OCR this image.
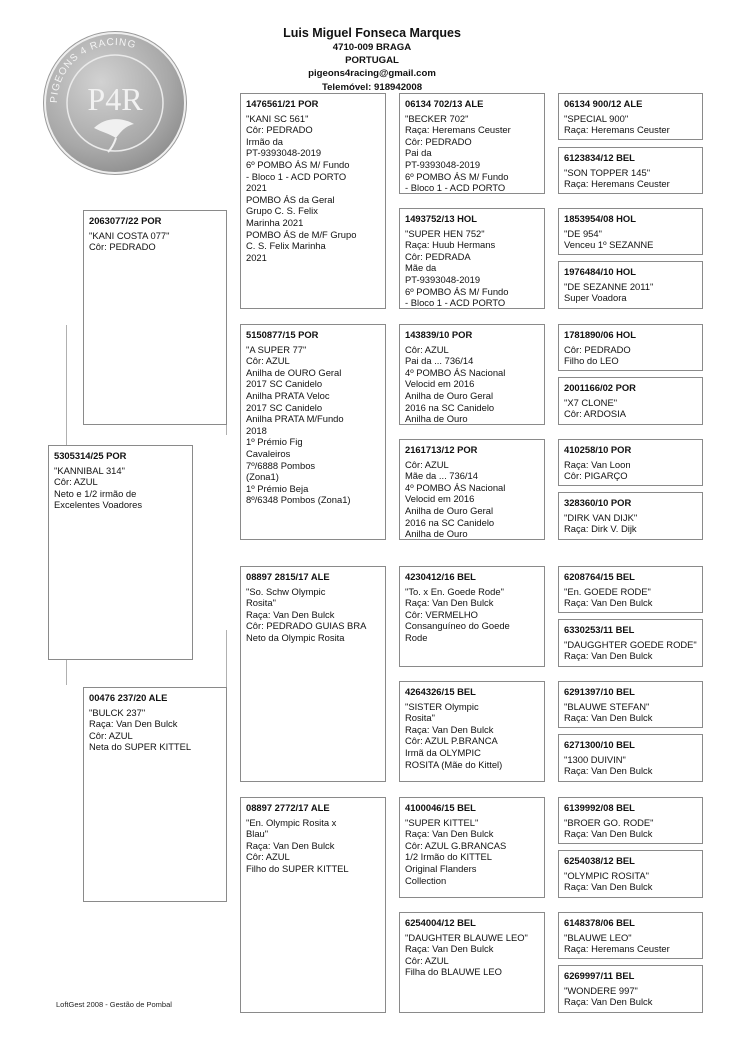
PIGEONS 4 RACING
P4R
Luis Miguel Fonseca Marques
4710-009 BRAGA
PORTUGAL
pigeons4racing@gmail.com
Telemóvel: 918942008
5305314/25 POR
"KANNIBAL 314"
Côr: AZUL
Neto e 1/2 irmão de
Excelentes Voadores
2063077/22 POR
"KANI COSTA 077"
Côr: PEDRADO
00476 237/20 ALE
"BULCK 237"
Raça: Van Den Bulck
Côr: AZUL
Neta do SUPER KITTEL
1476561/21 POR
"KANI SC 561"
Côr: PEDRADO
Irmão da
PT-9393048-2019
6º POMBO ÁS M/ Fundo
- Bloco 1 - ACD PORTO
2021
POMBO ÁS da Geral
Grupo C. S. Felix
Marinha 2021
POMBO ÁS de M/F Grupo
C. S. Felix Marinha
2021
5150877/15 POR
"A SUPER 77"
Côr: AZUL
Anilha de OURO Geral
2017 SC Canidelo
Anilha PRATA Veloc
2017 SC Canidelo
Anilha PRATA M/Fundo
2018
1º Prémio Fig
Cavaleiros
7º/6888 Pombos
(Zona1)
1º Prémio Beja
8º/6348 Pombos (Zona1)
08897 2815/17 ALE
"So. Schw Olympic
Rosita"
Raça: Van Den Bulck
Côr: PEDRADO GUIAS BRA
Neto da Olympic Rosita
08897 2772/17 ALE
"En. Olympic Rosita x
Blau"
Raça: Van Den Bulck
Côr: AZUL
Filho do SUPER KITTEL
06134 702/13 ALE
"BECKER 702"
Raça: Heremans Ceuster
Côr: PEDRADO
Pai da
PT-9393048-2019
6º POMBO ÁS M/ Fundo
- Bloco 1 - ACD PORTO
1493752/13 HOL
"SUPER HEN 752"
Raça: Huub Hermans
Côr: PEDRADA
Mãe da
PT-9393048-2019
6º POMBO ÁS M/ Fundo
- Bloco 1 - ACD PORTO
143839/10 POR
Côr: AZUL
Pai da ... 736/14
4º POMBO ÁS Nacional
Velocid em 2016
Anilha de Ouro Geral
2016 na SC Canidelo
Anilha de Ouro
2161713/12 POR
Côr: AZUL
Mãe da ... 736/14
4º POMBO ÁS Nacional
Velocid em 2016
Anilha de Ouro Geral
2016 na SC Canidelo
Anilha de Ouro
4230412/16 BEL
"To. x En. Goede Rode"
Raça: Van Den Bulck
Côr: VERMELHO
Consanguíneo do Goede
Rode
4264326/15 BEL
"SISTER Olympic
Rosita"
Raça: Van Den Bulck
Côr: AZUL P.BRANCA
Irmã da OLYMPIC
ROSITA (Mãe do Kittel)
4100046/15 BEL
"SUPER KITTEL"
Raça: Van Den Bulck
Côr: AZUL G.BRANCAS
1/2 Irmão do KITTEL
Original Flanders
Collection
6254004/12 BEL
"DAUGHTER BLAUWE LEO"
Raça: Van Den Bulck
Côr: AZUL
Filha do BLAUWE LEO
06134 900/12 ALE
"SPECIAL 900"
Raça: Heremans Ceuster
6123834/12 BEL
"SON TOPPER 145"
Raça: Heremans Ceuster
1853954/08 HOL
"DE 954"
Venceu 1º SEZANNE
1976484/10 HOL
"DE SEZANNE 2011"
Super Voadora
1781890/06 HOL
Côr: PEDRADO
Filho do LEO
2001166/02 POR
"X7 CLONE"
Côr: ARDOSIA
410258/10 POR
Raça: Van Loon
Côr: PIGARÇO
328360/10 POR
"DIRK VAN DIJK"
Raça: Dirk V. Dijk
6208764/15 BEL
"En. GOEDE RODE"
Raça: Van Den Bulck
6330253/11 BEL
"DAUGGHTER GOEDE RODE"
Raça: Van Den Bulck
6291397/10 BEL
"BLAUWE STEFAN"
Raça: Van Den Bulck
6271300/10 BEL
"1300 DUIVIN"
Raça: Van Den Bulck
6139992/08 BEL
"BROER GO. RODE"
Raça: Van Den Bulck
6254038/12 BEL
"OLYMPIC ROSITA"
Raça: Van Den Bulck
6148378/06 BEL
"BLAUWE LEO"
Raça: Heremans Ceuster
6269997/11 BEL
"WONDERE 997"
Raça: Van Den Bulck
LoftGest 2008 - Gestão de Pombal
